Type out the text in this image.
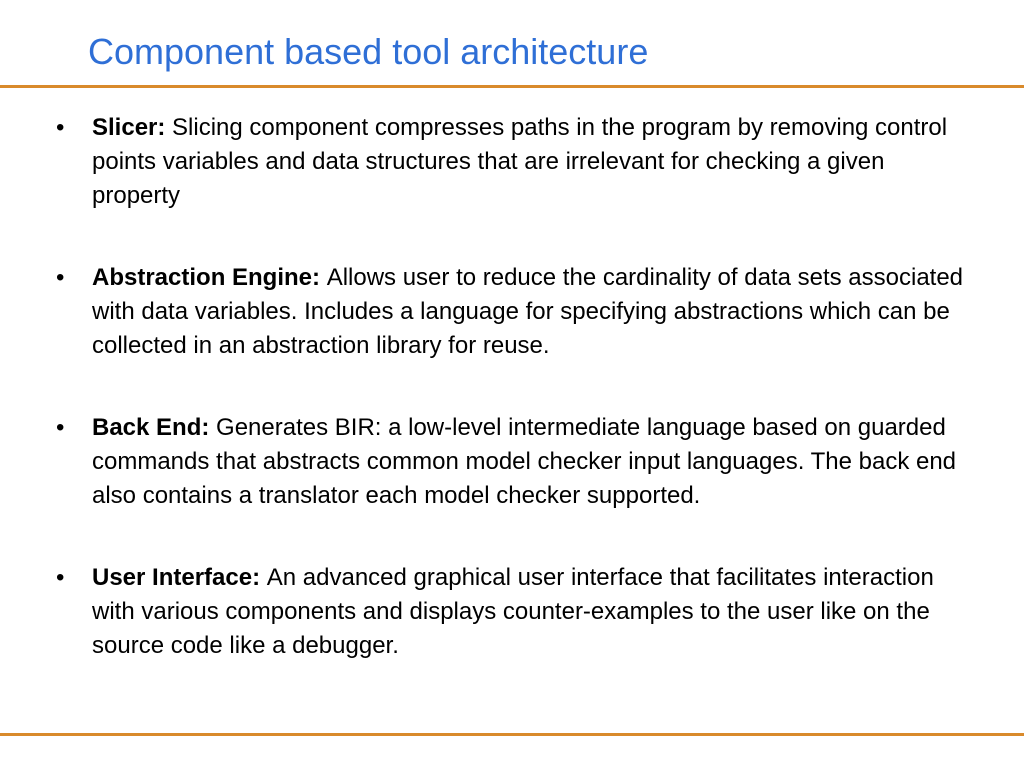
Component based tool architecture
•	Slicer: Slicing component compresses paths in the program by removing control points variables and data structures that are irrelevant for checking a given property
•	Abstraction Engine: Allows user to reduce the cardinality of data sets associated with data variables. Includes a language for specifying abstractions which can be collected in an abstraction library for reuse.
•	Back End: Generates BIR: a low-level intermediate language based on guarded commands that abstracts common model checker input languages. The back end also contains a translator each model checker supported.
•	User Interface: An advanced graphical user interface that facilitates interaction with various components and displays counter-examples to the user like on the source code like a debugger.
